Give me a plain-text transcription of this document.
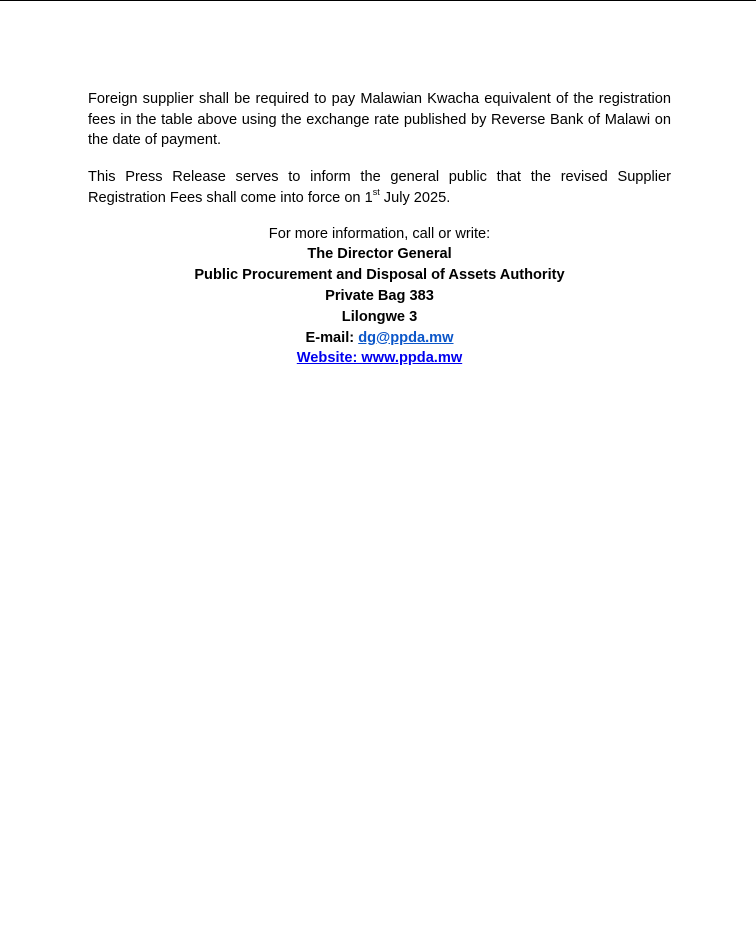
Foreign supplier shall be required to pay Malawian Kwacha equivalent of the registration fees in the table above using the exchange rate published by Reverse Bank of Malawi on the date of payment.

This Press Release serves to inform the general public that the revised Supplier Registration Fees shall come into force on 1st July 2025.

For more information, call or write:
The Director General
Public Procurement and Disposal of Assets Authority
Private Bag 383
Lilongwe 3
E-mail: dg@ppda.mw
Website: www.ppda.mw
